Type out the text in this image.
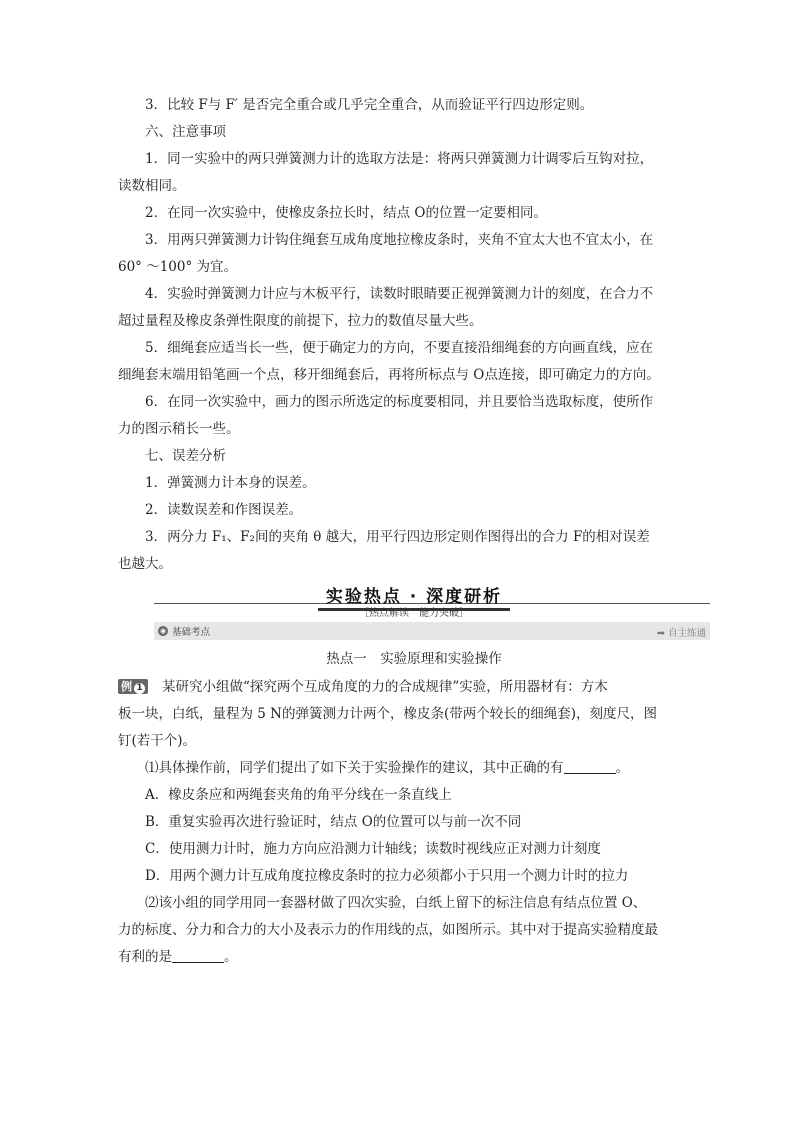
3．比较 F与 F′ 是否完全重合或几乎完全重合，从而验证平行四边形定则。
六、注意事项
1．同一实验中的两只弹簧测力计的选取方法是：将两只弹簧测力计调零后互钩对拉，
读数相同。
2．在同一次实验中，使橡皮条拉长时，结点 O的位置一定要相同。
3．用两只弹簧测力计钩住绳套互成角度地拉橡皮条时，夹角不宜太大也不宜太小，在
60° ～100° 为宜。
4．实验时弹簧测力计应与木板平行，读数时眼睛要正视弹簧测力计的刻度，在合力不
超过量程及橡皮条弹性限度的前提下，拉力的数值尽量大些。
5．细绳套应适当长一些，便于确定力的方向，不要直接沿细绳套的方向画直线，应在
细绳套末端用铅笔画一个点，移开细绳套后，再将所标点与 O点连接，即可确定力的方向。
6．在同一次实验中，画力的图示所选定的标度要相同，并且要恰当选取标度，使所作
力的图示稍长一些。
七、误差分析
1．弹簧测力计本身的误差。
2．读数误差和作图误差。
3．两分力 F₁、F₂间的夹角 θ 越大，用平行四边形定则作图得出的合力 F的相对误差
也越大。
实验热点 · 深度研析
［热点解读　能力突破］
◉ 基础考点	➡ 自主练通
热点一　实验原理和实验操作
例 1 某研究小组做“探究两个互成角度的力的合成规律”实验，所用器材有：方木
板一块，白纸，量程为 5 N的弹簧测力计两个，橡皮条(带两个较长的细绳套)，刻度尺，图
钉(若干个)。
⑴具体操作前，同学们提出了如下关于实验操作的建议，其中正确的有	。
A．橡皮条应和两绳套夹角的角平分线在一条直线上
B．重复实验再次进行验证时，结点 O的位置可以与前一次不同
C．使用测力计时，施力方向应沿测力计轴线；读数时视线应正对测力计刻度
D．用两个测力计互成角度拉橡皮条时的拉力必须都小于只用一个测力计时的拉力
⑵该小组的同学用同一套器材做了四次实验，白纸上留下的标注信息有结点位置 O、
力的标度、分力和合力的大小及表示力的作用线的点，如图所示。其中对于提高实验精度最
有利的是	。
